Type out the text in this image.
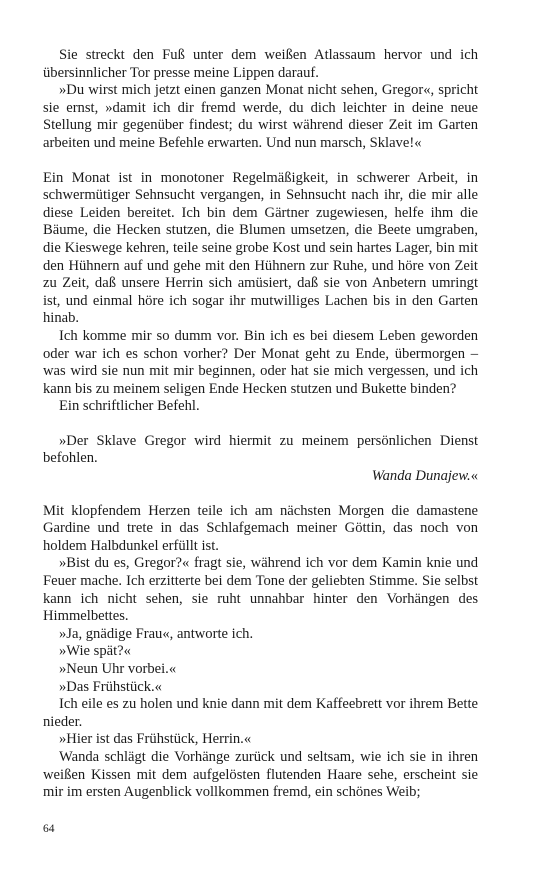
Sie streckt den Fuß unter dem weißen Atlassaum hervor und ich übersinnlicher Tor presse meine Lippen darauf.

»Du wirst mich jetzt einen ganzen Monat nicht sehen, Gregor«, spricht sie ernst, »damit ich dir fremd werde, du dich leichter in deine neue Stellung mir gegenüber findest; du wirst während dieser Zeit im Garten arbeiten und meine Befehle erwarten. Und nun marsch, Sklave!«

Ein Monat ist in monotoner Regelmäßigkeit, in schwerer Arbeit, in schwermütiger Sehnsucht vergangen, in Sehnsucht nach ihr, die mir alle diese Leiden bereitet. Ich bin dem Gärtner zugewiesen, helfe ihm die Bäume, die Hecken stutzen, die Blumen umsetzen, die Beete umgraben, die Kieswege kehren, teile seine grobe Kost und sein hartes Lager, bin mit den Hühnern auf und gehe mit den Hühnern zur Ruhe, und höre von Zeit zu Zeit, daß unsere Herrin sich amüsiert, daß sie von Anbetern umringt ist, und einmal höre ich sogar ihr mutwilliges Lachen bis in den Garten hinab.

Ich komme mir so dumm vor. Bin ich es bei diesem Leben geworden oder war ich es schon vorher? Der Monat geht zu Ende, übermorgen – was wird sie nun mit mir beginnen, oder hat sie mich vergessen, und ich kann bis zu meinem seligen Ende Hecken stutzen und Bukette binden?

Ein schriftlicher Befehl.

»Der Sklave Gregor wird hiermit zu meinem persönlichen Dienst befohlen.

Wanda Dunajew.«

Mit klopfendem Herzen teile ich am nächsten Morgen die damastene Gardine und trete in das Schlafgemach meiner Göttin, das noch von holdem Halbdunkel erfüllt ist.

»Bist du es, Gregor?« fragt sie, während ich vor dem Kamin knie und Feuer mache. Ich erzitterte bei dem Tone der geliebten Stimme. Sie selbst kann ich nicht sehen, sie ruht unnahbar hinter den Vorhängen des Himmelbettes.

»Ja, gnädige Frau«, antworte ich.

»Wie spät?«

»Neun Uhr vorbei.«

»Das Frühstück.«

Ich eile es zu holen und knie dann mit dem Kaffeebrett vor ihrem Bette nieder.

»Hier ist das Frühstück, Herrin.«

Wanda schlägt die Vorhänge zurück und seltsam, wie ich sie in ihren weißen Kissen mit dem aufgelösten flutenden Haare sehe, erscheint sie mir im ersten Augenblick vollkommen fremd, ein schönes Weib;

64
